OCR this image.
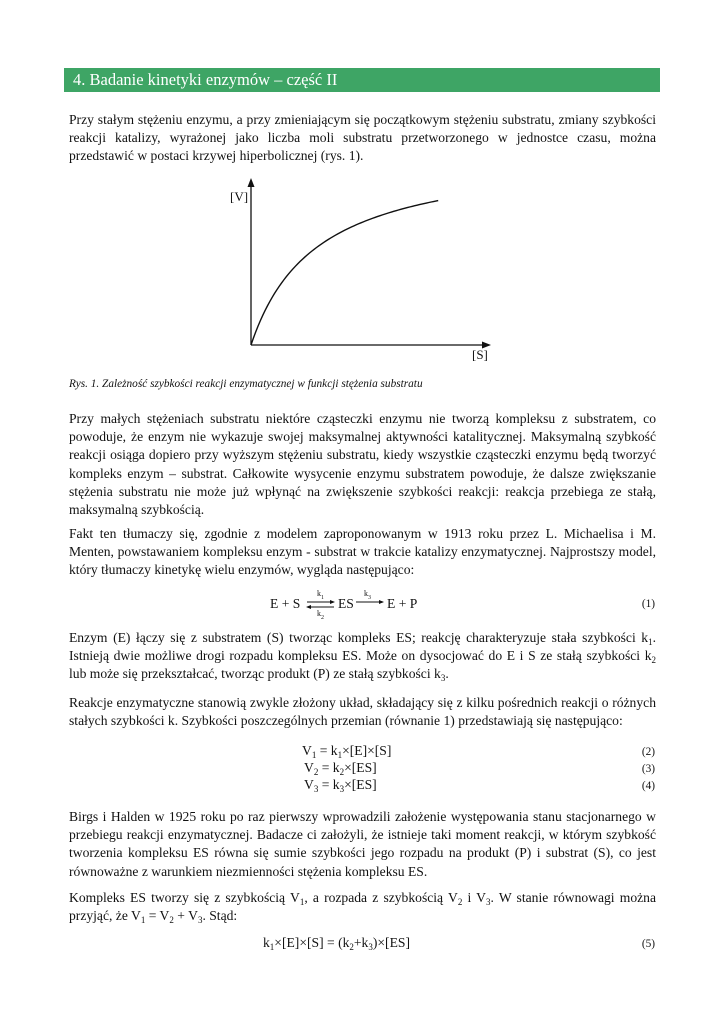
4. Badanie kinetyki enzymów – część II

Przy stałym stężeniu enzymu, a przy zmieniającym się początkowym stężeniu substratu, zmiany szybkości reakcji katalizy, wyrażonej jako liczba moli substratu przetworzonego w jednostce czasu, można przedstawić w postaci krzywej hiperbolicznej (rys. 1).

[V]
[S]
Rys. 1. Zależność szybkości reakcji enzymatycznej w funkcji stężenia substratu

Przy małych stężeniach substratu niektóre cząsteczki enzymu nie tworzą kompleksu z substratem, co powoduje, że enzym nie wykazuje swojej maksymalnej aktywności katalitycznej. Maksymalną szybkość reakcji osiąga dopiero przy wyższym stężeniu substratu, kiedy wszystkie cząsteczki enzymu będą tworzyć kompleks enzym – substrat. Całkowite wysycenie enzymu substratem powoduje, że dalsze zwiększanie stężenia substratu nie może już wpłynąć na zwiększenie szybkości reakcji: reakcja przebiega ze stałą, maksymalną szybkością.

Fakt ten tłumaczy się, zgodnie z modelem zaproponowanym w 1913 roku przez L. Michaelisa i M. Menten, powstawaniem kompleksu enzym - substrat w trakcie katalizy enzymatycznej. Najprostszy model, który tłumaczy kinetykę wielu enzymów, wygląda następująco:

E + S
$k_1$
$k_2$
ES
$k_3$ E + P	(1)

Enzym (E) łączy się z substratem (S) tworząc kompleks ES; reakcję charakteryzuje stała szybkości $k_1$. Istnieją dwie możliwe drogi rozpadu kompleksu ES. Może on dysocjować do E i S ze stałą szybkości $k_2$ lub może się przekształcać, tworząc produkt (P) ze stałą szybkości $k_3$.

Reakcje enzymatyczne stanowią zwykle złożony układ, składający się z kilku pośrednich reakcji o różnych stałych szybkości k. Szybkości poszczególnych przemian (równanie 1) przedstawiają się następująco:

$V_1 = k_1\times[E]\times[S]$	(2)
$V_2 = k_2\times[ES]$	(3)
$V_3 = k_3\times[ES]$	(4)

Birgs i Halden w 1925 roku po raz pierwszy wprowadzili założenie występowania stanu stacjonarnego w przebiegu reakcji enzymatycznej. Badacze ci założyli, że istnieje taki moment reakcji, w którym szybkość tworzenia kompleksu ES równa się sumie szybkości jego rozpadu na produkt (P) i substrat (S), co jest równoważne z warunkiem niezmienności stężenia kompleksu ES.

Kompleks ES tworzy się z szybkością $V_1$, a rozpada z szybkością $V_2$ i $V_3$. W stanie równowagi można przyjąć, że $V_1 = V_2 + V_3$. Stąd:

$k_1\times[E]\times[S] = (k_2+k_3)\times[ES]$	(5)
